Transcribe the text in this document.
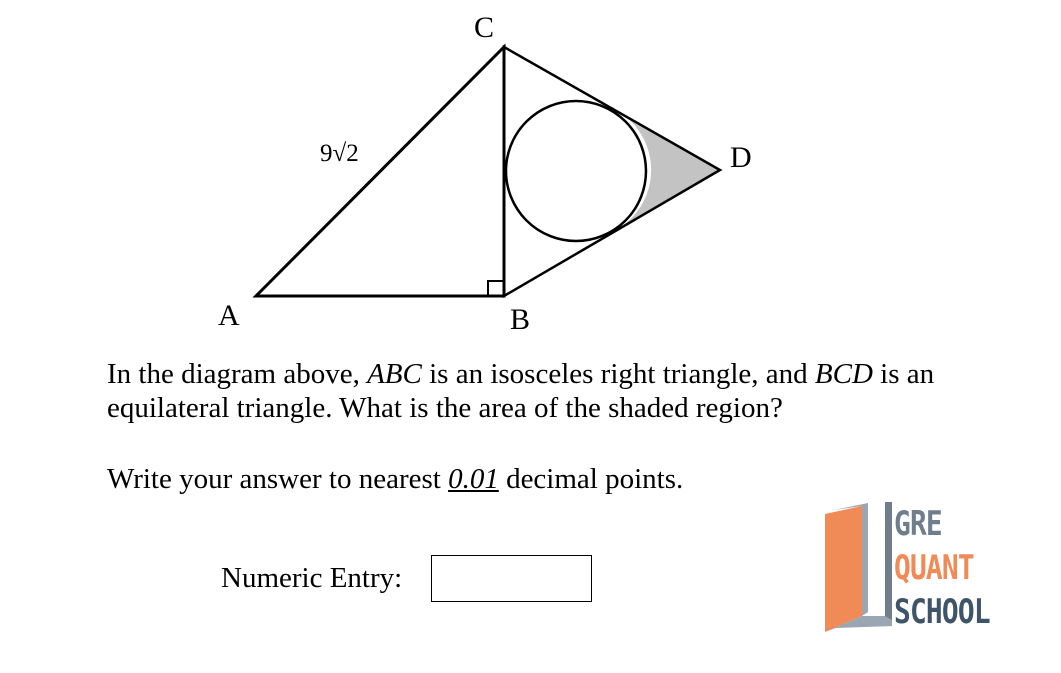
A	B
C
D
9√2
In the diagram above, ABC is an isosceles right triangle, and BCD is an equilateral triangle. What is the area of the shaded region?
Write your answer to nearest 0.01 decimal points.
Numeric Entry:
GRE
QUANT
SCHOOL
